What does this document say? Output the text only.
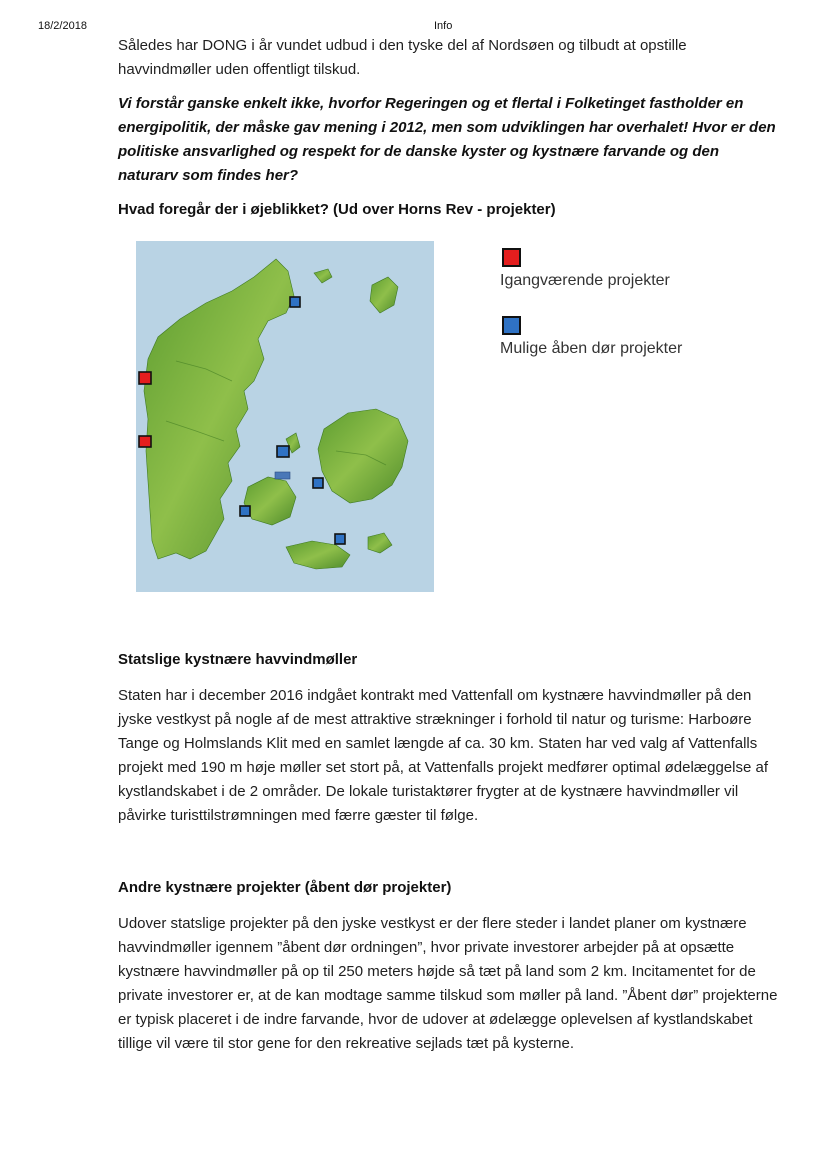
18/2/2018	Info

Således har DONG i år vundet udbud i den tyske del af Nordsøen og tilbudt at opstille havvindmøller uden offentligt tilskud.

Vi forstår ganske enkelt ikke, hvorfor Regeringen og et flertal i Folketinget fastholder en energipolitik, der måske gav mening i 2012, men som udviklingen har overhalet! Hvor er den politiske ansvarlighed og respekt for de danske kyster og kystnære farvande og den naturarv som findes her?

Hvad foregår der i øjeblikket? (Ud over Horns Rev - projekter)
Igangværende projekter
Mulige åben dør projekter
Statslige kystnære havvindmøller

Staten har i december 2016 indgået kontrakt med Vattenfall om kystnære havvindmøller på den jyske vestkyst på nogle af de mest attraktive strækninger i forhold til natur og turisme: Harboøre Tange og Holmslands Klit med en samlet længde af ca. 30 km. Staten har ved valg af Vattenfalls projekt med 190 m høje møller set stort på, at Vattenfalls projekt medfører optimal ødelæggelse af kystlandskabet i de 2 områder. De lokale turistaktører frygter at de kystnære havvindmøller vil påvirke turisttilstrømningen med færre gæster til følge.

Andre kystnære projekter (åbent dør projekter)

Udover statslige projekter på den jyske vestkyst er der flere steder i landet planer om kystnære havvindmøller igennem ”åbent dør ordningen”, hvor private investorer arbejder på at opsætte kystnære havvindmøller på op til 250 meters højde så tæt på land som 2 km. Incitamentet for de private investorer er, at de kan modtage samme tilskud som møller på land. ”Åbent dør” projekterne er typisk placeret i de indre farvande, hvor de udover at ødelægge oplevelsen af kystlandskabet tillige vil være til stor gene for den rekreative sejlads tæt på kysterne.
